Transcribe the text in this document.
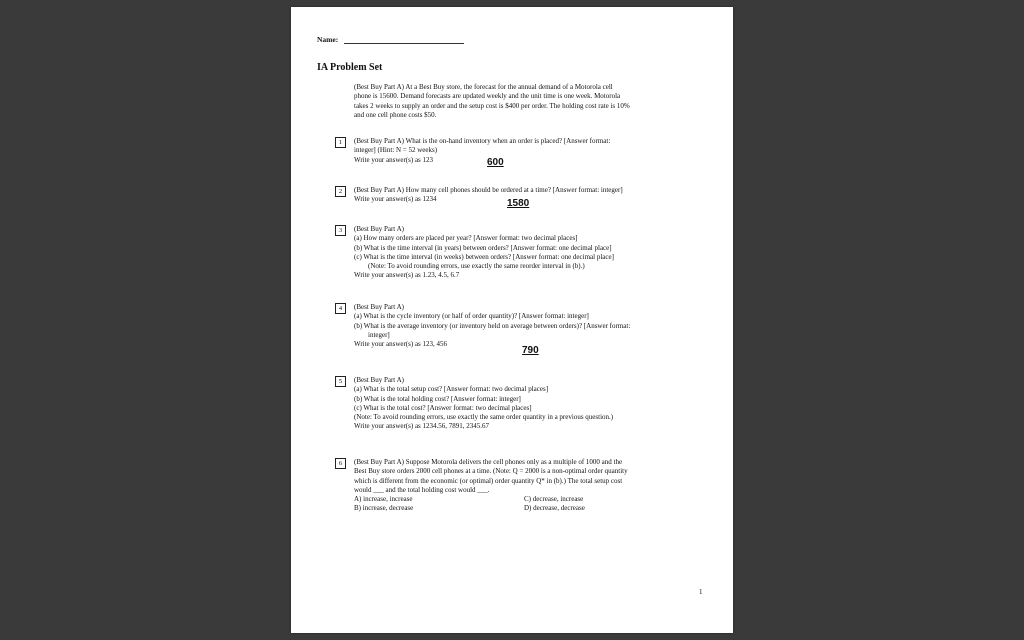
Name:
IA Problem Set
(Best Buy Part A) At a Best Buy store, the forecast for the annual demand of a Motorola cell
phone is 15600. Demand forecasts are updated weekly and the unit time is one week. Motorola
takes 2 weeks to supply an order and the setup cost is $400 per order. The holding cost rate is 10%
and one cell phone costs $50.
1	(Best Buy Part A) What is the on-hand inventory when an order is placed? [Answer format:
integer] (Hint: N = 52 weeks)
Write your answer(s) as 123	600
2	(Best Buy Part A) How many cell phones should be ordered at a time? [Answer format: integer]
Write your answer(s) as 1234	1580
3	(Best Buy Part A)
(a) How many orders are placed per year? [Answer format: two decimal places]
(b) What is the time interval (in years) between orders? [Answer format: one decimal place]
(c) What is the time interval (in weeks) between orders? [Answer format: one decimal place]
(Note: To avoid rounding errors, use exactly the same reorder interval in (b).)
Write your answer(s) as 1.23, 4.5, 6.7
4	(Best Buy Part A)
(a) What is the cycle inventory (or half of order quantity)? [Answer format: integer]
(b) What is the average inventory (or inventory held on average between orders)? [Answer format:
integer]
Write your answer(s) as 123, 456
790
5	(Best Buy Part A)
(a) What is the total setup cost? [Answer format: two decimal places]
(b) What is the total holding cost? [Answer format: integer]
(c) What is the total cost? [Answer format: two decimal places]
(Note: To avoid rounding errors, use exactly the same order quantity in a previous question.)
Write your answer(s) as 1234.56, 7891, 2345.67
6	(Best Buy Part A) Suppose Motorola delivers the cell phones only as a multiple of 1000 and the
Best Buy store orders 2000 cell phones at a time. (Note: Q = 2000 is a non-optimal order quantity
which is different from the economic (or optimal) order quantity Q* in (b).) The total setup cost
would ___ and the total holding cost would ___.
A) increase, increase	C) decrease, increase
B) increase, decrease	D) decrease, decrease
1
